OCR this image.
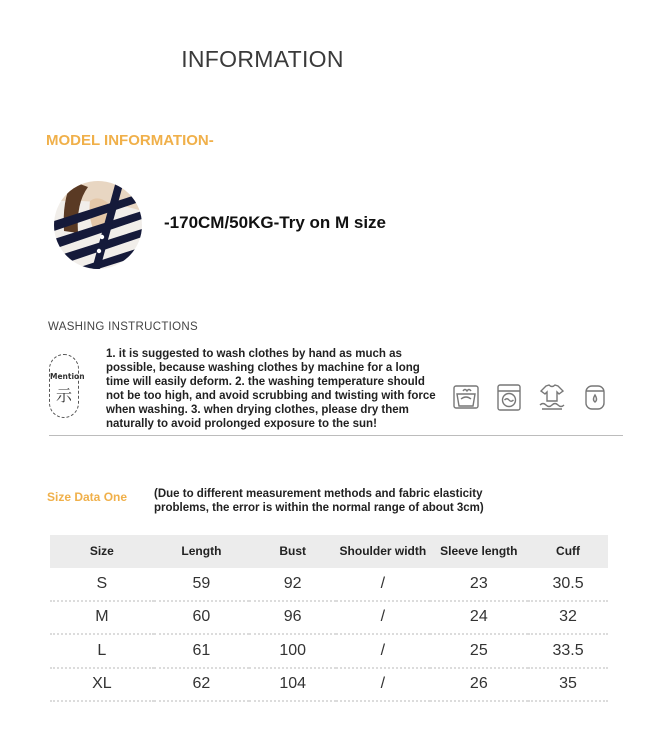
INFORMATION
MODEL INFORMATION-
-170CM/50KG-Try on M size
WASHING INSTRUCTIONS
Mention
示
1. it is suggested to wash clothes by hand as much as possible, because washing clothes by machine for a long time will easily deform. 2. the washing temperature should not be too high, and avoid scrubbing and twisting with force when washing. 3. when drying clothes, please dry them naturally to avoid prolonged exposure to the sun!
Size Data One (Due to different measurement methods and fabric elasticity problems, the error is within the normal range of about 3cm)
Size	Length	Bust	Shoulder width	Sleeve length	Cuff
S	59	92	/	23	30.5
M	60	96	/	24	32
L	61	100	/	25	33.5
XL	62	104	/	26	35
